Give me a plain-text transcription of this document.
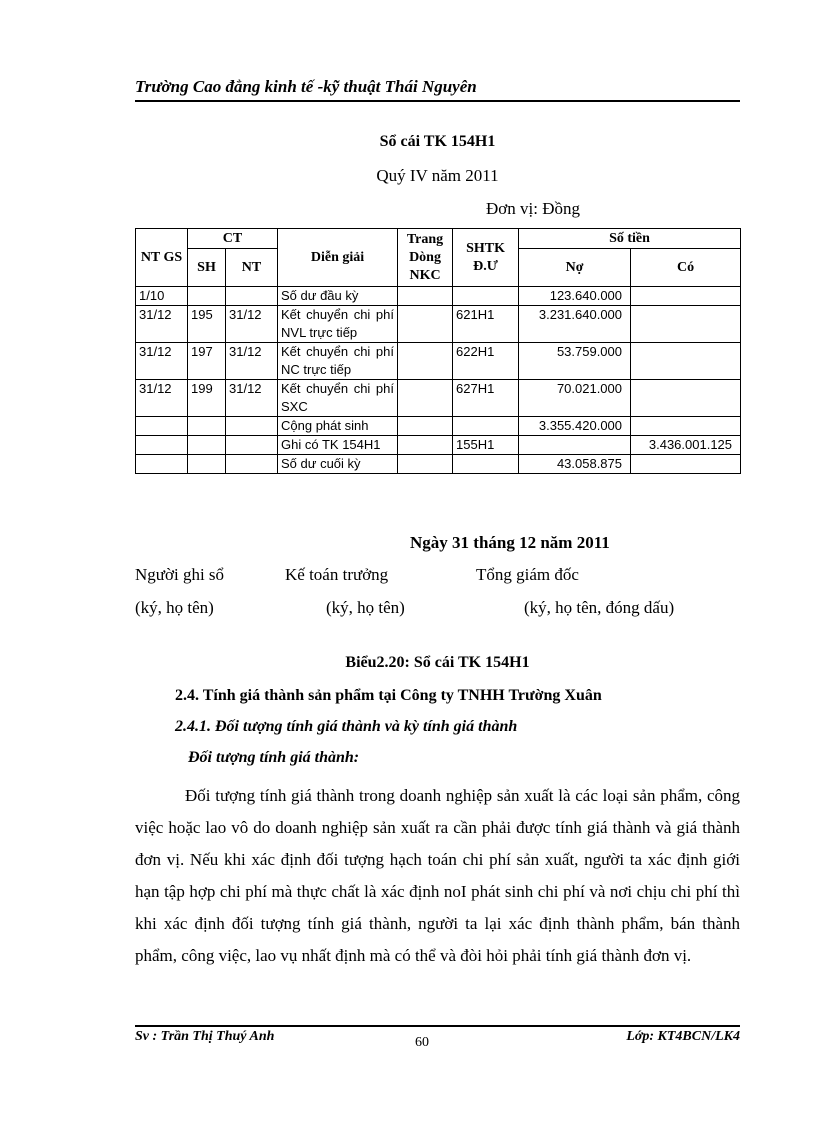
Trường Cao đẳng kinh tế -kỹ thuật Thái Nguyên
Sổ cái TK 154H1
Quý IV năm 2011
Đơn vị: Đồng
NT GS	CT		Diễn giải	Trang Dòng NKC	SHTK Đ.Ư	Số tiền	
	SH	NT				Nợ	Có
1/10			Số dư đầu kỳ			123.640.000	
31/12	195	31/12	Kết chuyển chi phí NVL trực tiếp		621H1	3.231.640.000	
31/12	197	31/12	Kết chuyển chi phí NC trực tiếp		622H1	53.759.000	
31/12	199	31/12	Kết chuyển chi phí SXC		627H1	70.021.000	
			Cộng phát sinh			3.355.420.000	
			Ghi có TK 154H1		155H1		3.436.001.125
			Số dư cuối kỳ			43.058.875	
Ngày 31 tháng 12 năm 2011
Người ghi sổ	Kế toán trưởng	Tổng giám đốc
(ký, họ tên)	(ký, họ tên)	(ký, họ tên, đóng dấu)
Biểu2.20: Sổ cái TK 154H1
2.4. Tính giá thành sản phẩm tại Công ty TNHH Trường Xuân
2.4.1. Đối tượng tính giá thành và kỳ tính giá thành
Đối tượng tính giá thành:

Đối tượng tính giá thành trong doanh nghiệp sản xuất là các loại sản phẩm, công việc hoặc lao vô do doanh nghiệp sản xuất ra cần phải được tính giá thành và giá thành đơn vị. Nếu khi xác định đối tượng hạch toán chi phí sản xuất, người ta xác định giới hạn tập hợp chi phí mà thực chất là xác định noI phát sinh chi phí và nơi chịu chi phí thì khi xác định đối tượng tính giá thành, người ta lại xác định thành phẩm, bán thành phẩm, công việc, lao vụ nhất định mà có thể và đòi hỏi phải tính giá thành đơn vị.

Sv : Trần Thị Thuý Anh	60	Lớp: KT4BCN/LK4
